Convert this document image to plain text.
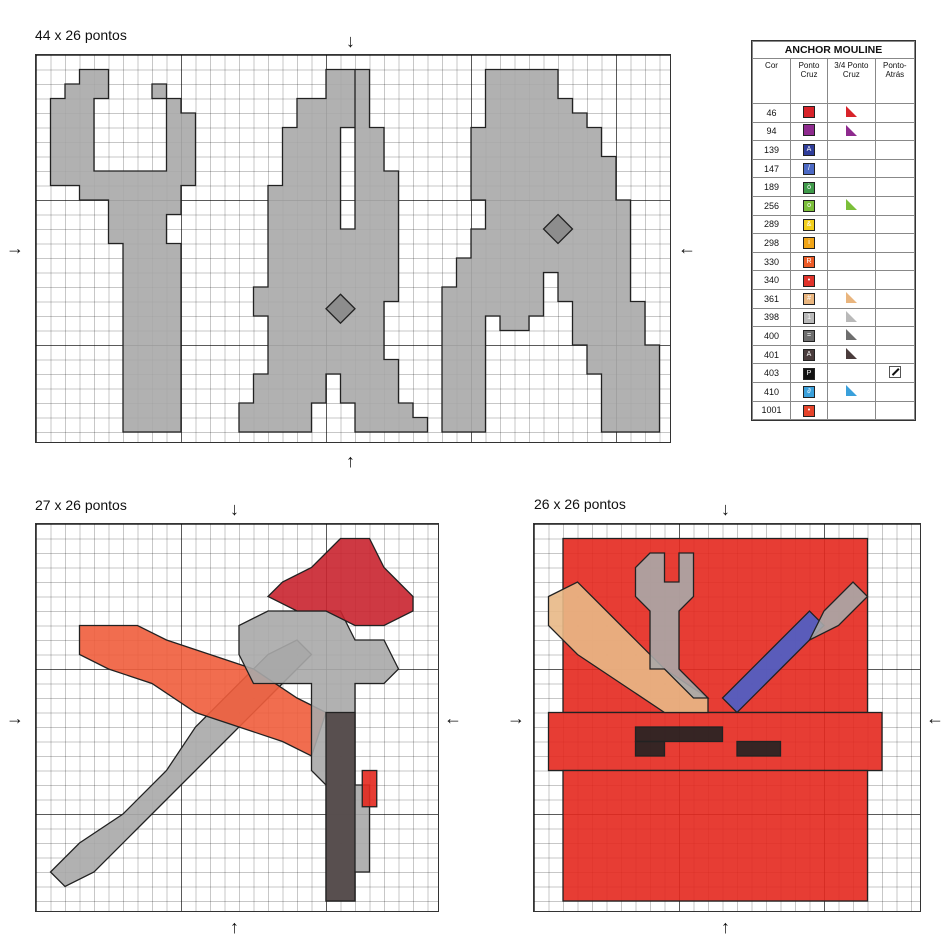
44 x 26 pontos
27 x 26 pontos	26 x 26 pontos
↓
↑
→	←
↓
↑
→	←
↓
↑
→	←
ANCHOR MOULINE			
Cor	Ponto Cruz	3/4 Ponto Cruz	Ponto-Atrás
46			
94			
139	A		
147	/		
189	ò		
256	o		
289	&		
298	i		
330	R		
340	•		
361	#		
398	1		
400	=		
401	A		
403	P		
410	∂		
1001	•		
